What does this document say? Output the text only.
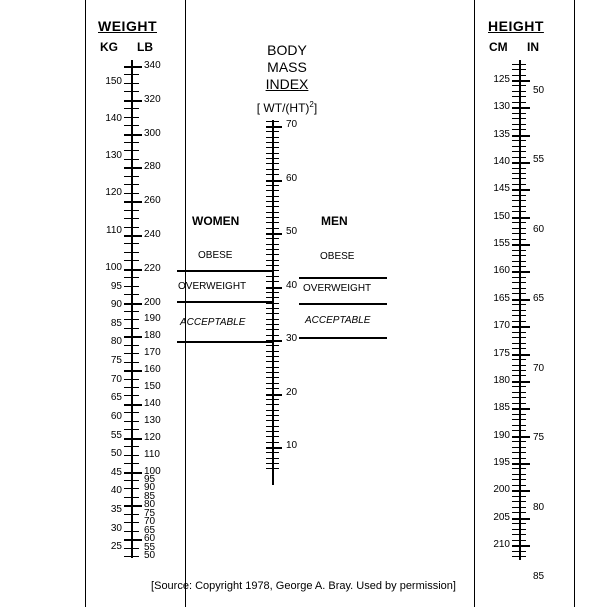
WEIGHT
KG LB
150
140
130
120
110
100
95
90
85
80
75
70
65
60
55
50
45
40
35
30
25
340
320
300
280
260
240
220
200
190
180
170
160
150
140
130
120
110
100
95
90
85
80
75
70
65
60
55
50
BODY
MASS
INDEX
[ WT/(HT)$^2$]
70
60
50
40
30
20
10
WOMEN
OBESE
OVERWEIGHT
ACCEPTABLE
MEN
OBESE
OVERWEIGHT
ACCEPTABLE
HEIGHT
CM IN
125
130
135
140
145
150
155
160
165
170
175
180
185
190
195
200
205
210
50
55
60
65
70
75
80
85
[Source: Copyright 1978, George A. Bray. Used by permission]
